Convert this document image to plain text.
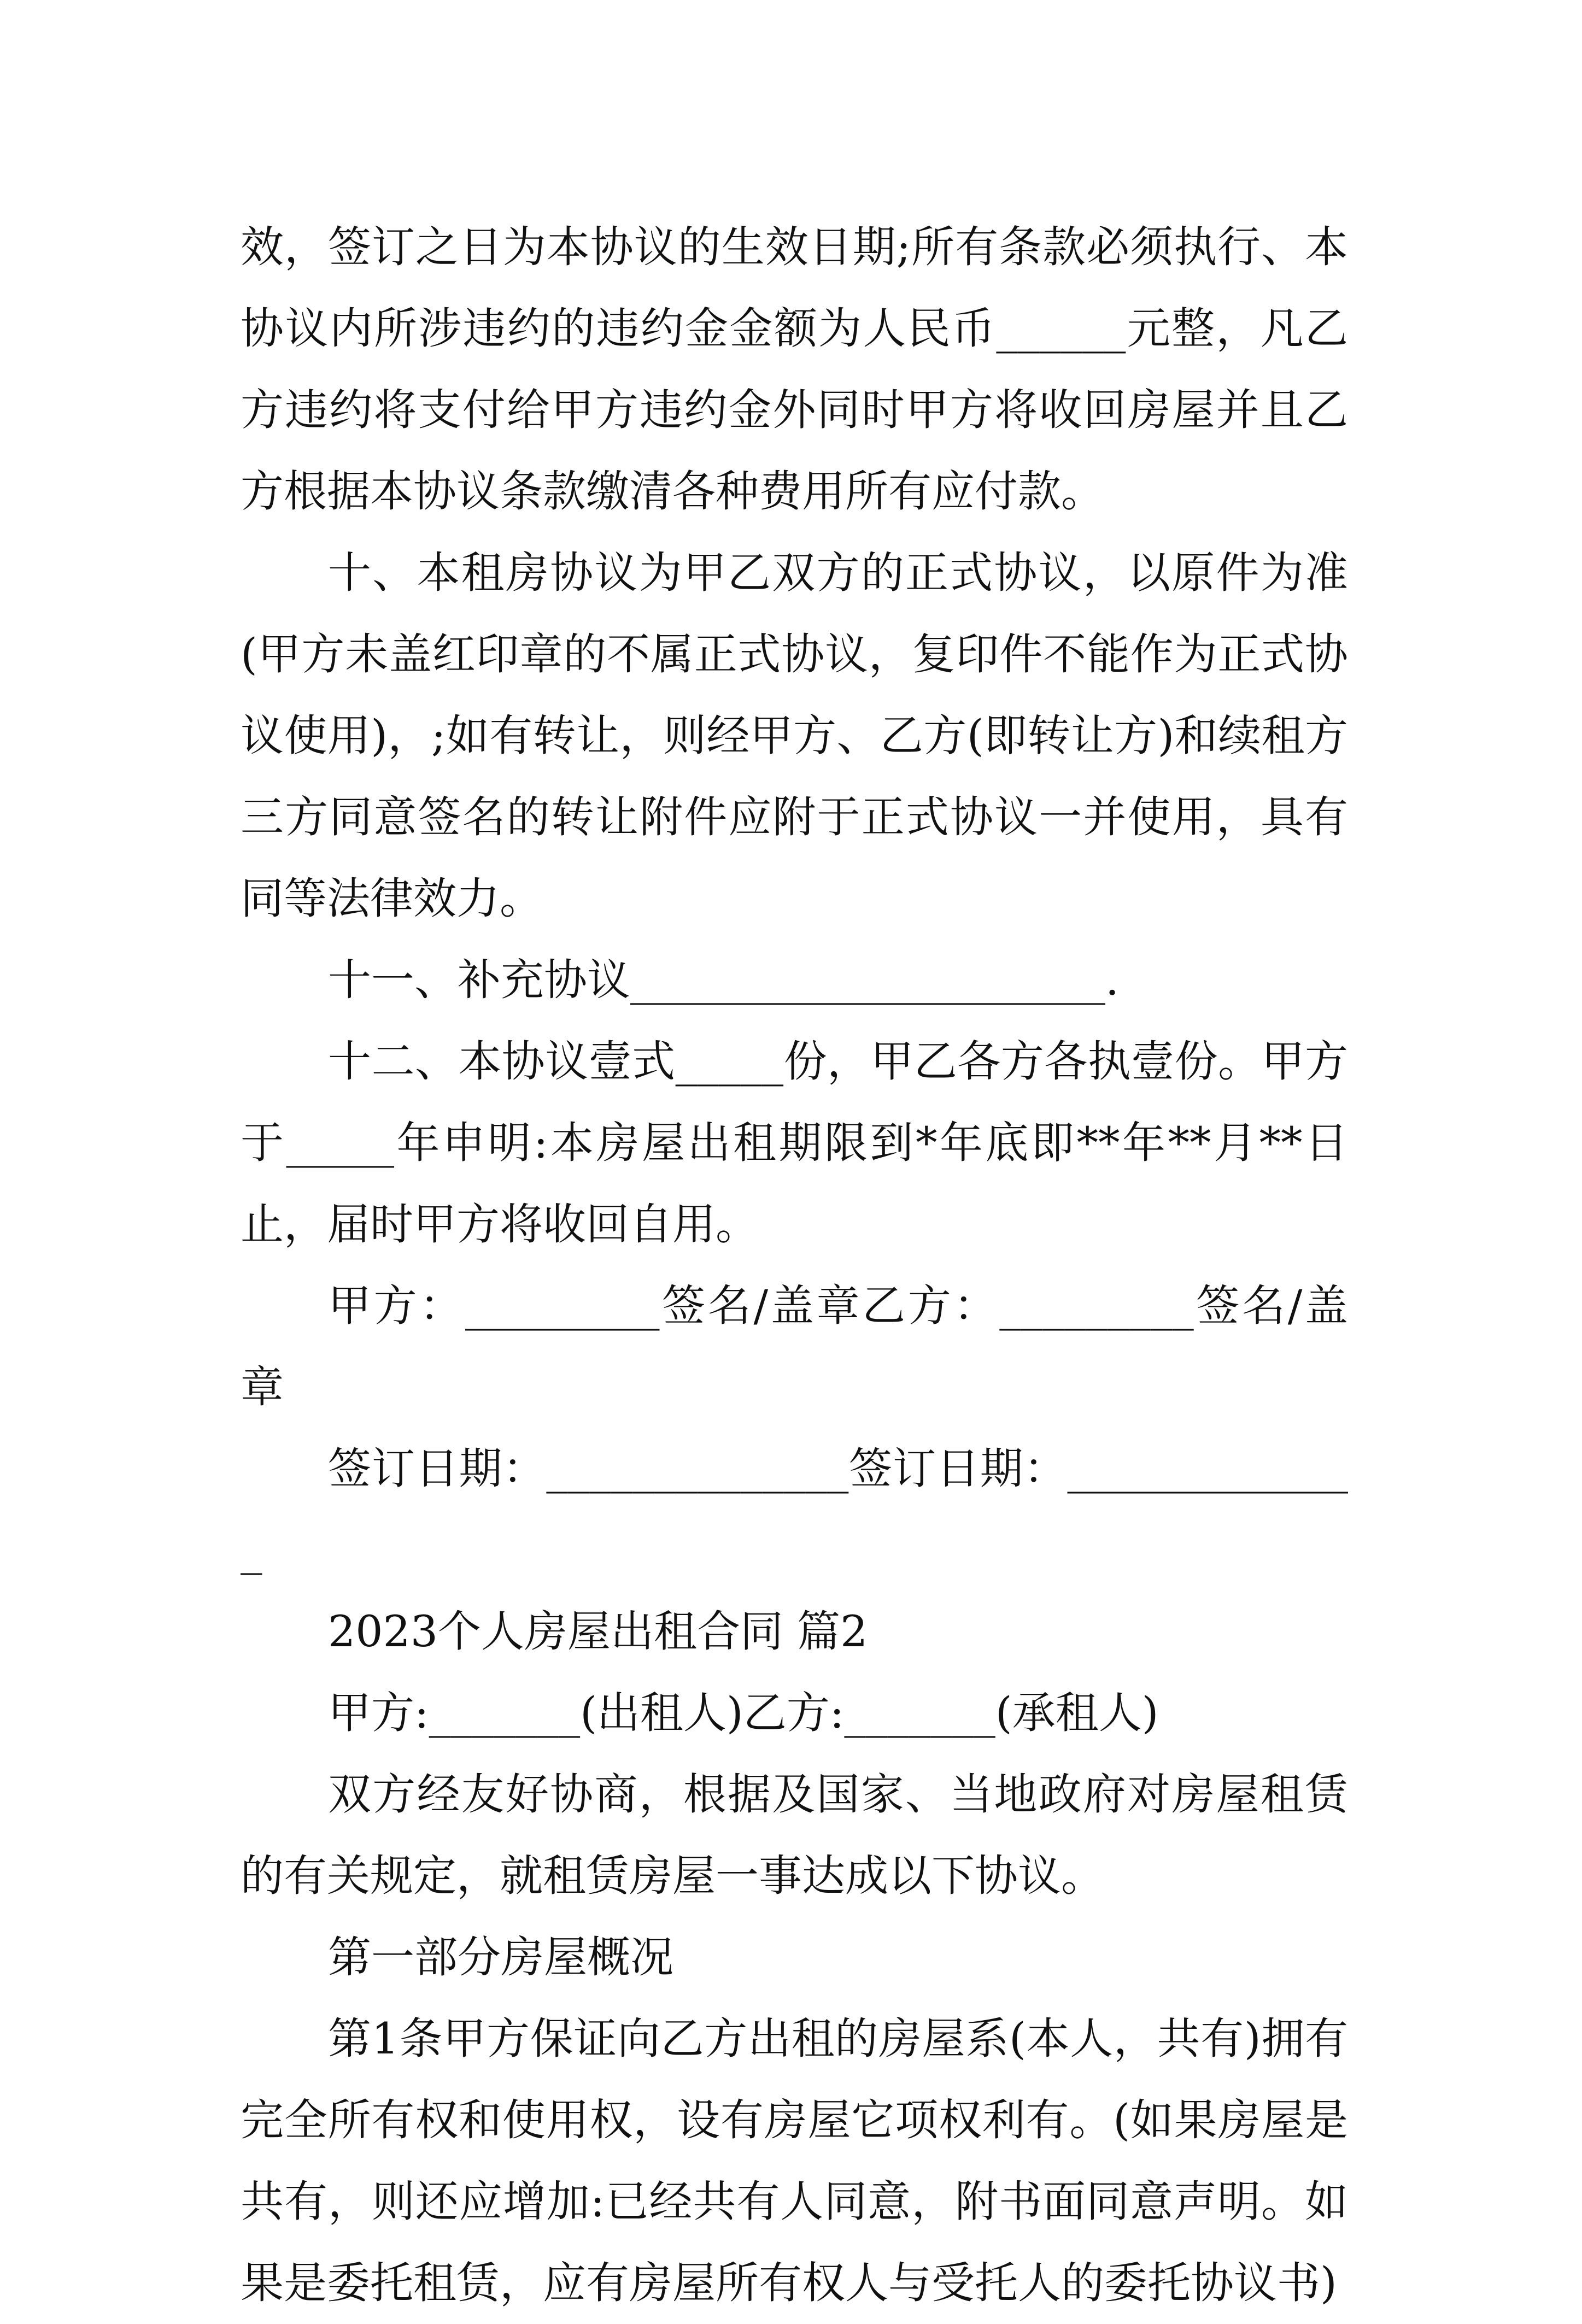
效，签订之日为本协议的生效日期;所有条款必须执行、本协议内所涉违约的违约金金额为人民币______元整，凡乙方违约将支付给甲方违约金外同时甲方将收回房屋并且乙方根据本协议条款缴清各种费用所有应付款。

十、本租房协议为甲乙双方的正式协议，以原件为准(甲方未盖红印章的不属正式协议，复印件不能作为正式协议使用)，;如有转让，则经甲方、乙方(即转让方)和续租方三方同意签名的转让附件应附于正式协议一并使用，具有同等法律效力。

十一、补充协议______________________.

十二、本协议壹式_____份，甲乙各方各执壹份。甲方于_____年申明:本房屋出租期限到*年底即**年**月**日止，届时甲方将收回自用。

甲方：_________签名/盖章乙方：_________签名/盖章

签订日期：______________签订日期：______________

2023个人房屋出租合同 篇2

甲方:_______(出租人)乙方:_______(承租人)

双方经友好协商，根据及国家、当地政府对房屋租赁的有关规定，就租赁房屋一事达成以下协议。

第一部分房屋概况

第1条甲方保证向乙方出租的房屋系(本人，共有)拥有完全所有权和使用权，设有房屋它项权利有。(如果房屋是共有，则还应增加:已经共有人同意，附书面同意声明。如果是委托租赁，应有房屋所有权人与受托人的委托协议书)
